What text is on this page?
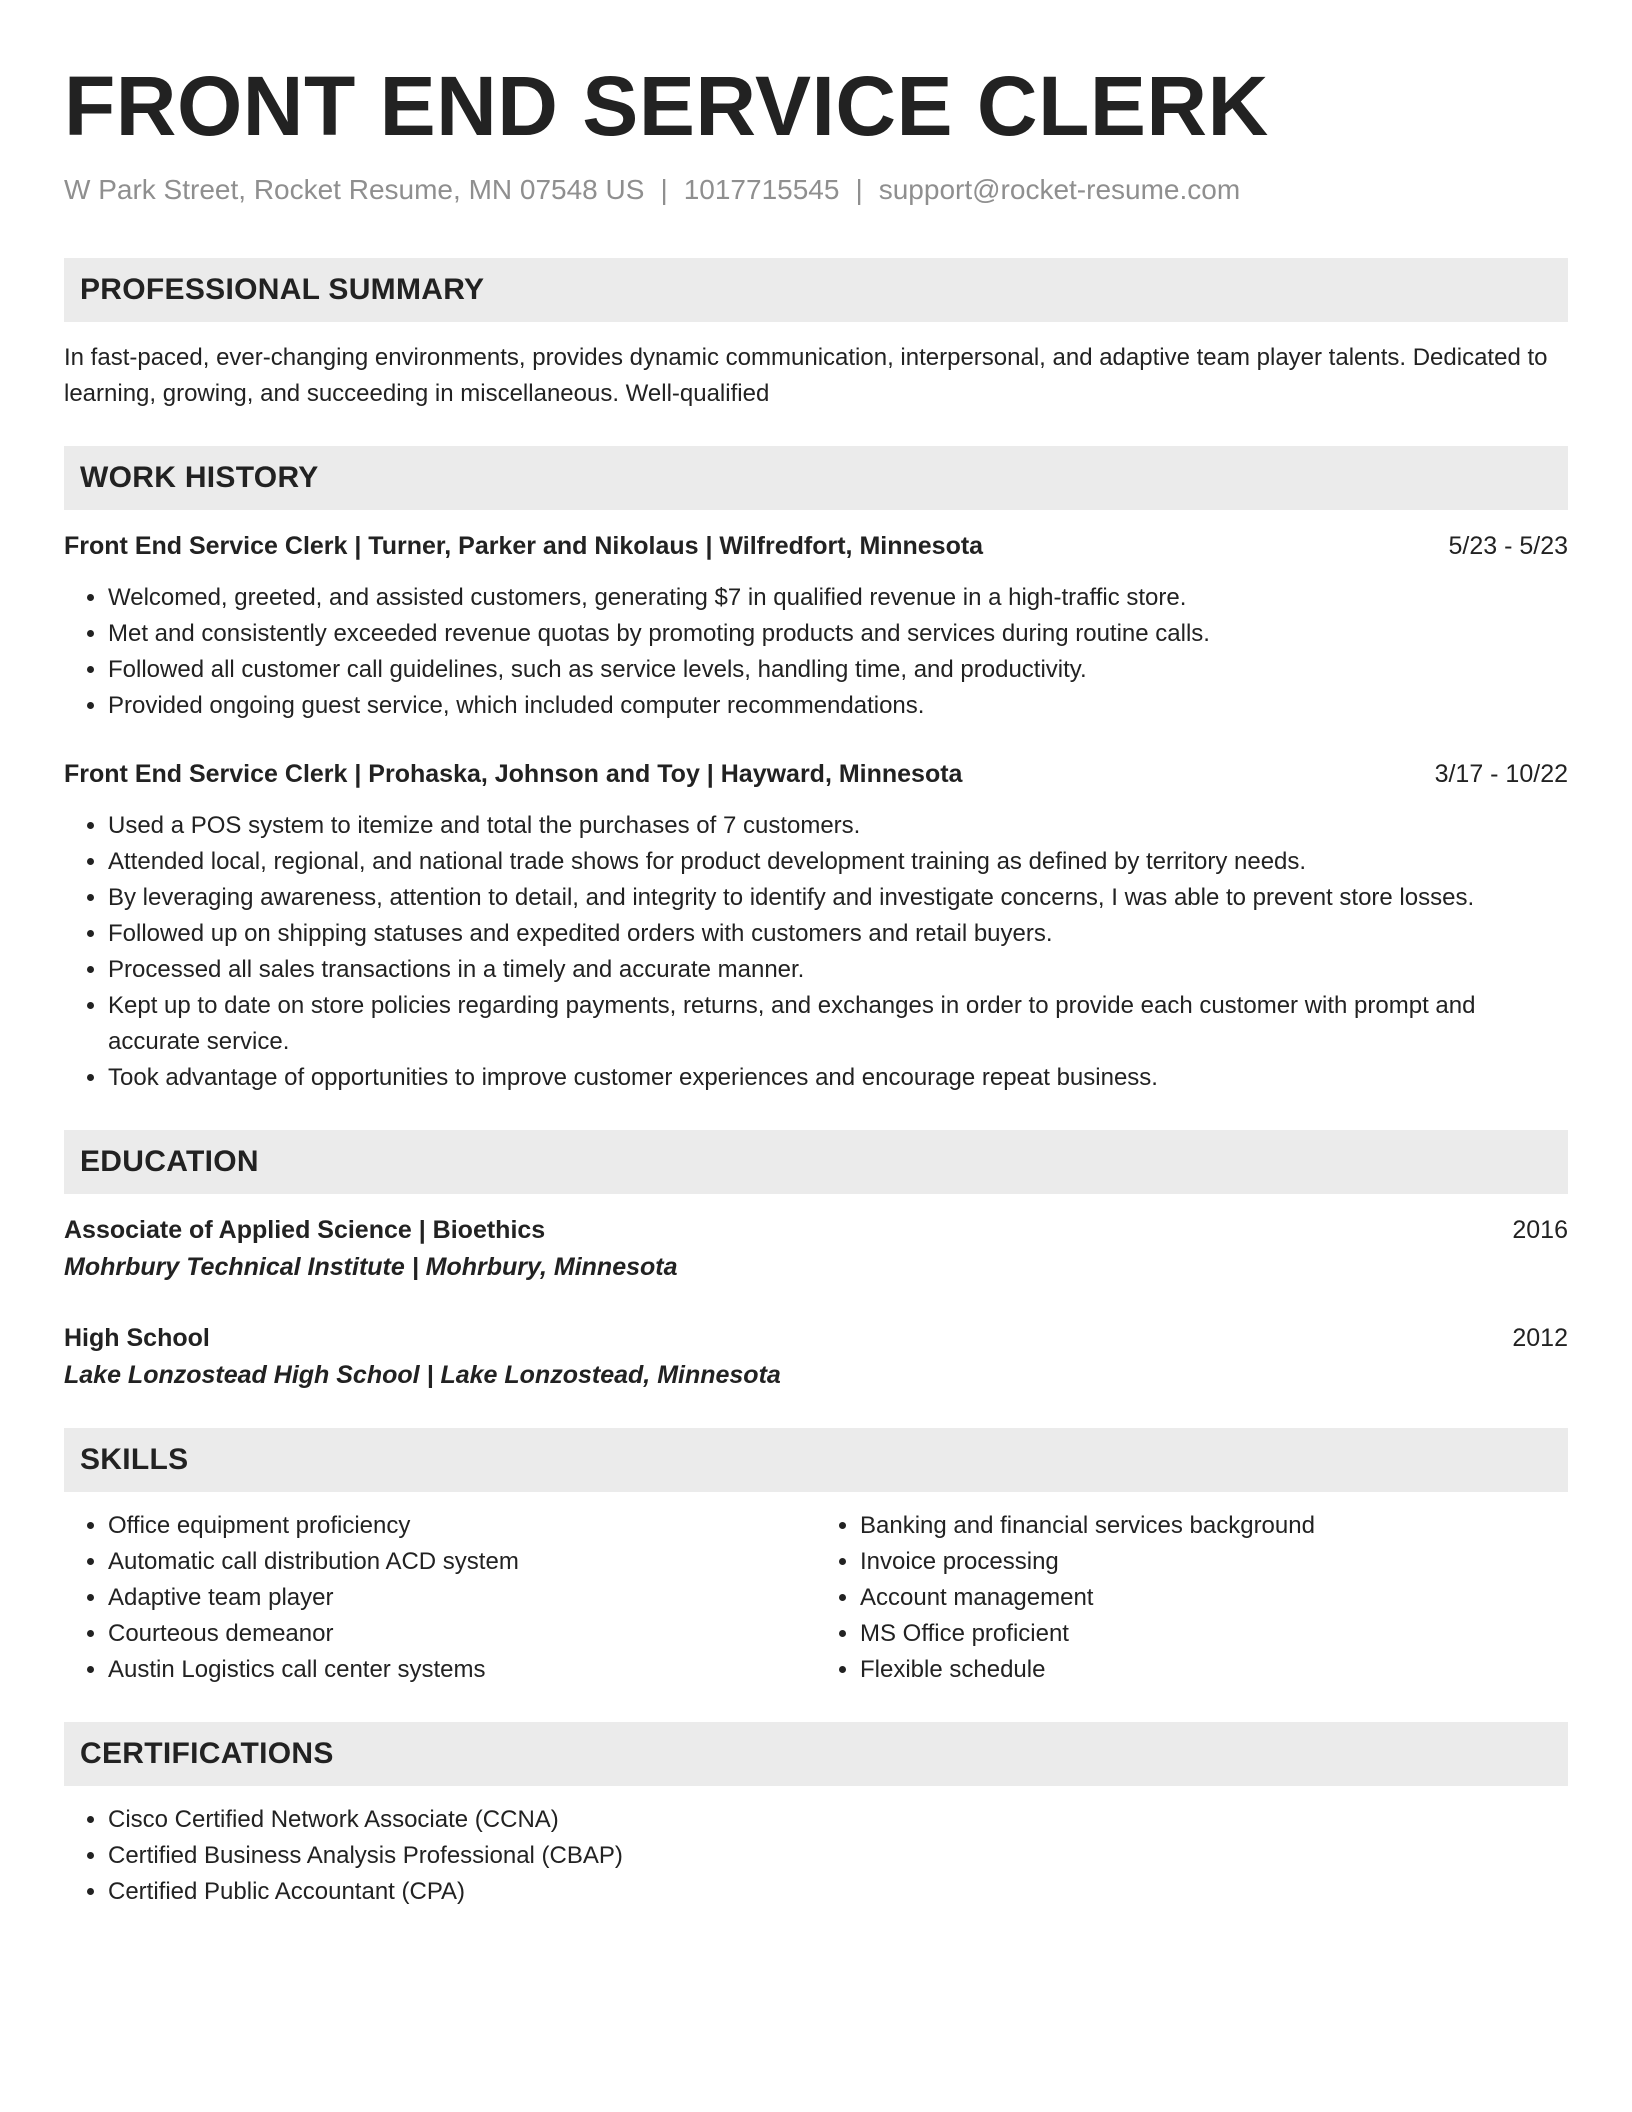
FRONT END SERVICE CLERK
W Park Street, Rocket Resume, MN 07548 US | 1017715545 | support@rocket-resume.com
PROFESSIONAL SUMMARY

In fast-paced, ever-changing environments, provides dynamic communication, interpersonal, and adaptive team player talents. Dedicated to learning, growing, and succeeding in miscellaneous. Well-qualified

WORK HISTORY
Front End Service Clerk | Turner, Parker and Nikolaus | Wilfredfort, Minnesota	5/23 - 5/23
• Welcomed, greeted, and assisted customers, generating $7 in qualified revenue in a high-traffic store.
• Met and consistently exceeded revenue quotas by promoting products and services during routine calls.
• Followed all customer call guidelines, such as service levels, handling time, and productivity.
• Provided ongoing guest service, which included computer recommendations.
Front End Service Clerk | Prohaska, Johnson and Toy | Hayward, Minnesota	3/17 - 10/22
• Used a POS system to itemize and total the purchases of 7 customers.
• Attended local, regional, and national trade shows for product development training as defined by territory needs.
• By leveraging awareness, attention to detail, and integrity to identify and investigate concerns, I was able to prevent store losses.
• Followed up on shipping statuses and expedited orders with customers and retail buyers.
• Processed all sales transactions in a timely and accurate manner.
• Kept up to date on store policies regarding payments, returns, and exchanges in order to provide each customer with prompt and accurate service.
• Took advantage of opportunities to improve customer experiences and encourage repeat business.
EDUCATION
Associate of Applied Science | Bioethics	2016
Mohrbury Technical Institute | Mohrbury, Minnesota
High School	2012
Lake Lonzostead High School | Lake Lonzostead, Minnesota
SKILLS
• Office equipment proficiency
• Automatic call distribution ACD system
• Adaptive team player
• Courteous demeanor
• Austin Logistics call center systems
• Banking and financial services background
• Invoice processing
• Account management
• MS Office proficient
• Flexible schedule
CERTIFICATIONS
• Cisco Certified Network Associate (CCNA)
• Certified Business Analysis Professional (CBAP)
• Certified Public Accountant (CPA)
